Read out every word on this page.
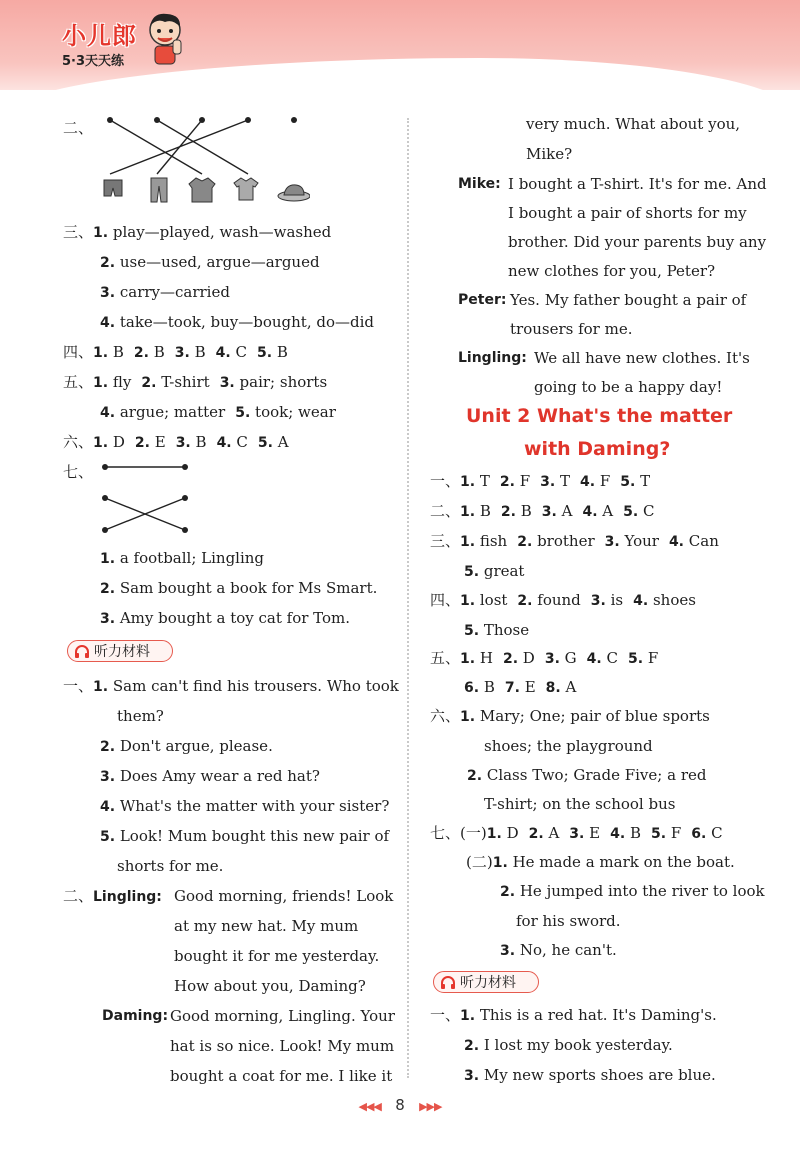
小儿郎
5·3天天练
二、
三、1. play—played, wash—washed
2. use—used, argue—argued
3. carry—carried
4. take—took, buy—bought, do—did
四、1. B 2. B 3. B 4. C 5. B
五、1. fly 2. T-shirt 3. pair; shorts
4. argue; matter 5. took; wear
六、1. D 2. E 3. B 4. C 5. A
七、
1. a football; Lingling
2. Sam bought a book for Ms Smart.
3. Amy bought a toy cat for Tom.
听力材料
一、1. Sam can't find his trousers. Who took
them?
2. Don't argue, please.
3. Does Amy wear a red hat?
4. What's the matter with your sister?
5. Look! Mum bought this new pair of
shorts for me.
二、Lingling: Good morning, friends! Look
at my new hat. My mum
bought it for me yesterday.
How about you, Daming?
Daming: Good morning, Lingling. Your
hat is so nice. Look! My mum
bought a coat for me. I like it
very much. What about you,
Mike?
Mike: I bought a T-shirt. It's for me. And
I bought a pair of shorts for my
brother. Did your parents buy any
new clothes for you, Peter?
Peter: Yes. My father bought a pair of
trousers for me.
Lingling: We all have new clothes. It's
going to be a happy day!
Unit 2 What's the matter
with Daming?
一、1. T 2. F 3. T 4. F 5. T
二、1. B 2. B 3. A 4. A 5. C
三、1. fish 2. brother 3. Your 4. Can
5. great
四、1. lost 2. found 3. is 4. shoes
5. Those
五、1. H 2. D 3. G 4. C 5. F
6. B 7. E 8. A
六、1. Mary; One; pair of blue sports
shoes; the playground
2. Class Two; Grade Five; a red
T-shirt; on the school bus
七、(一)1. D 2. A 3. E 4. B 5. F 6. C
(二)1. He made a mark on the boat.
2. He jumped into the river to look
for his sword.
3. No, he can't.
听力材料
一、1. This is a red hat. It's Daming's.
2. I lost my book yesterday.
3. My new sports shoes are blue.
◀◀◀ 8 ▶▶▶
